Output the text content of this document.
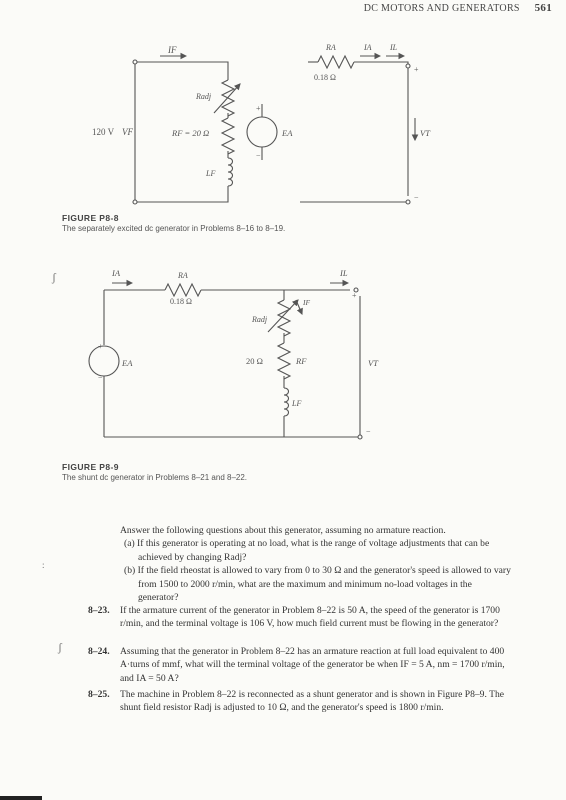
DC MOTORS AND GENERATORS 561
IF
120 V VF
Radj
RF = 20 Ω
LF
+
EA
−
RA
0.18 Ω
IA IL
+
VT
−
IA	RA
0.18 Ω
IL
+
Radj
IF
+
EA
−
20 Ω	RF
LF
VT
−
FIGURE P8-8
The separately excited dc generator in Problems 8–16 to 8–19.
FIGURE P8-9
The shunt dc generator in Problems 8–21 and 8–22.
ʃ
:
ʃ
Answer the following questions about this generator, assuming no armature reaction.
(a) If this generator is operating at no load, what is the range of voltage adjustments that can be achieved by changing Radj?
(b) If the field rheostat is allowed to vary from 0 to 30 Ω and the generator's speed is allowed to vary from 1500 to 2000 r/min, what are the maximum and minimum no-load voltages in the generator?
8–23. If the armature current of the generator in Problem 8–22 is 50 A, the speed of the generator is 1700 r/min, and the terminal voltage is 106 V, how much field current must be flowing in the generator?
8–24. Assuming that the generator in Problem 8–22 has an armature reaction at full load equivalent to 400 A·turns of mmf, what will the terminal voltage of the generator be when IF = 5 A, nm = 1700 r/min, and IA = 50 A?
8–25. The machine in Problem 8–22 is reconnected as a shunt generator and is shown in Figure P8–9. The shunt field resistor Radj is adjusted to 10 Ω, and the generator's speed is 1800 r/min.
